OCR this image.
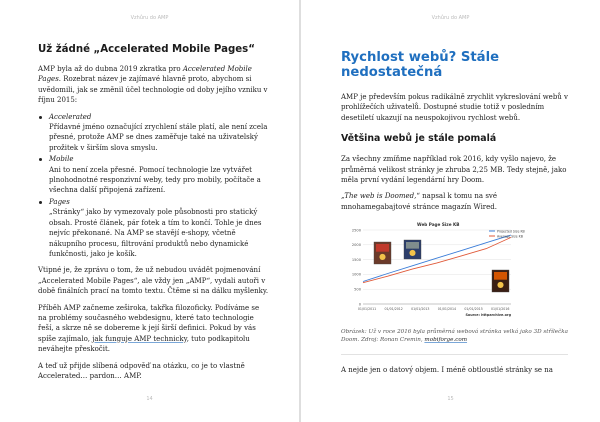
Vzhůru do AMP
Už žádné „Accelerated Mobile Pages“

AMP byla až do dubna 2019 zkratka pro Accelerated Mobile Pages. Rozebrat název je zajímavé hlavně proto, abychom si uvědomili, jak se změnil účel technologie od doby jejího vzniku v říjnu 2015:

Accelerated
Přídavné jméno označující zrychlení stále platí, ale není zcela přesné, protože AMP se dnes zaměřuje také na uživatelský prožitek v širším slova smyslu.
Mobile
Ani to není zcela přesné. Pomocí technologie lze vytvářet plnohodnotné responzivní weby, tedy pro mobily, počítače a všechna další připojená zařízení.
Pages
„Stránky“ jako by vymezovaly pole působnosti pro statický obsah. Prosté článek, pár fotek a tím to končí. Tohle je dnes nejvíc překonané. Na AMP se stavějí e-shopy, včetně nákupního procesu, filtrování produktů nebo dynamické funkčnosti, jako je košík.

Vtipné je, že zprávu o tom, že už nebudou uvádět pojmenování „Accelerated Mobile Pages“, ale vždy jen „AMP“, vydali autoři v době finálních prací na tomto textu. Čtěme si na dálku myšlenky.

Příběh AMP začneme zeširoka, takřka filozoficky. Podíváme se na problémy současného webdesignu, které tato technologie řeší, a skrze ně se dobereme k její širší definici. Pokud by vás spíše zajímalo, jak funguje AMP technicky, tuto podkapitolu neváhejte přeskočit.

A teď už přijde slíbená odpověď na otázku, co je to vlastně Accelerated… pardon… AMP.

14
Vzhůru do AMP
Rychlost webů? Stále nedostatečná

AMP je především pokus radikálně zrychlit vykreslování webů v prohlížečích uživatelů. Dostupné studie totiž v posledním desetiletí ukazují na neuspokojivou rychlost webů.

Většina webů je stále pomalá

Za všechny zmíňme například rok 2016, kdy vyšlo najevo, že průměrná velikost stránky je zhruba 2,25 MB. Tedy stejně, jako měla první vydání legendární hry Doom.

„The web is Doomed,“ napsal k tomu na své mnohamegabajtové stránce magazín Wired.

Web Page Size KB
0
500
1000
1500
2000
2500
01/01/2011	01/01/2012	01/01/2013	01/01/2014	01/01/2015	01/01/2016
Projected Size KB
Average Size KB
Source: httparchive.org

Obrázek: Už v roce 2016 byla průměrná webová stránka velká jako 3D střílečka Doom. Zdroj: Ronan Cremin, mobiforge.com

A nejde jen o datový objem. I méně obtloustlé stránky se na

15
